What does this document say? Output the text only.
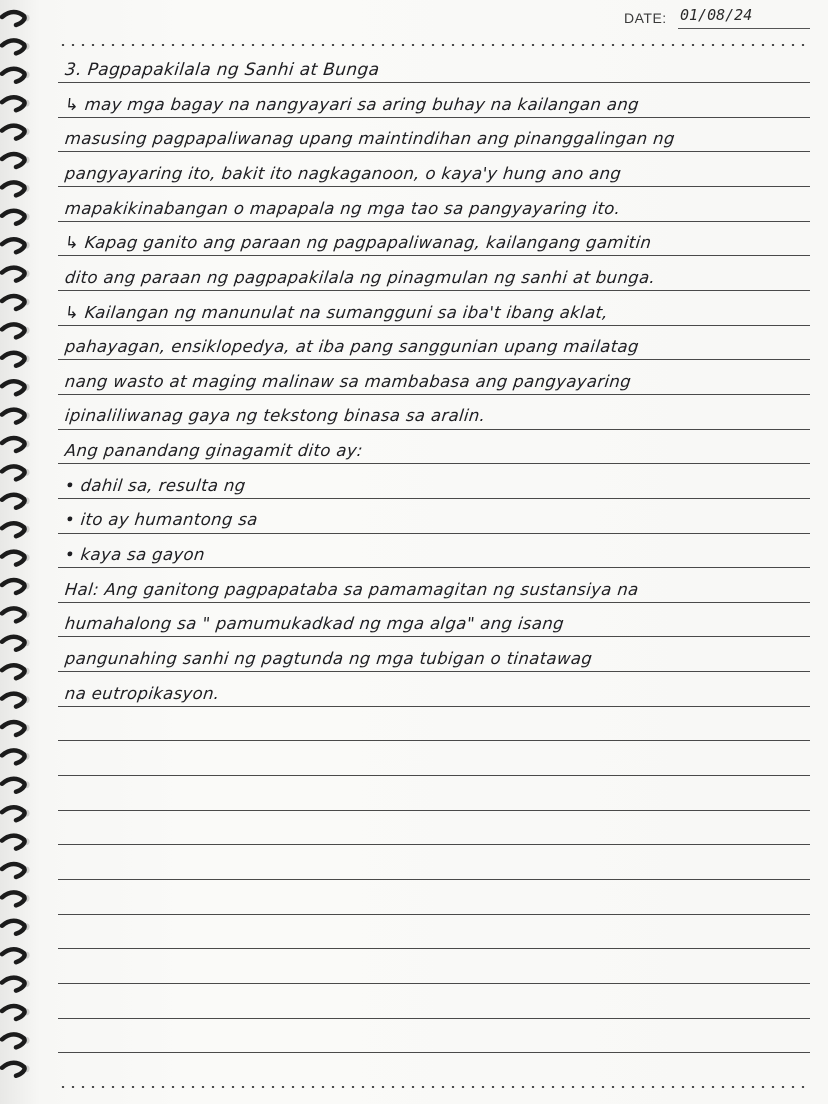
DATE: 01/08/24
3. Pagpapakilala ng Sanhi at Bunga
↳ may mga bagay na nangyayari sa aring buhay na kailangan ang
masusing pagpapaliwanag upang maintindihan ang pinanggalingan ng
pangyayaring ito, bakit ito nagkaganoon, o kaya'y hung ano ang
mapakikinabangan o mapapala ng mga tao sa pangyayaring ito.
↳ Kapag ganito ang paraan ng pagpapaliwanag, kailangang gamitin
dito ang paraan ng pagpapakilala ng pinagmulan ng sanhi at bunga.
↳ Kailangan ng manunulat na sumangguni sa iba't ibang aklat,
pahayagan, ensiklopedya, at iba pang sanggunian upang mailatag
nang wasto at maging malinaw sa mambabasa ang pangyayaring
ipinaliliwanag gaya ng tekstong binasa sa aralin.
Ang panandang ginagamit dito ay:
• dahil sa, resulta ng
• ito ay humantong sa
• kaya sa gayon
Hal: Ang ganitong pagpapataba sa pamamagitan ng sustansiya na
humahalong sa " pamumukadkad ng mga alga" ang isang
pangunahing sanhi ng pagtunda ng mga tubigan o tinatawag
na eutropikasyon.
